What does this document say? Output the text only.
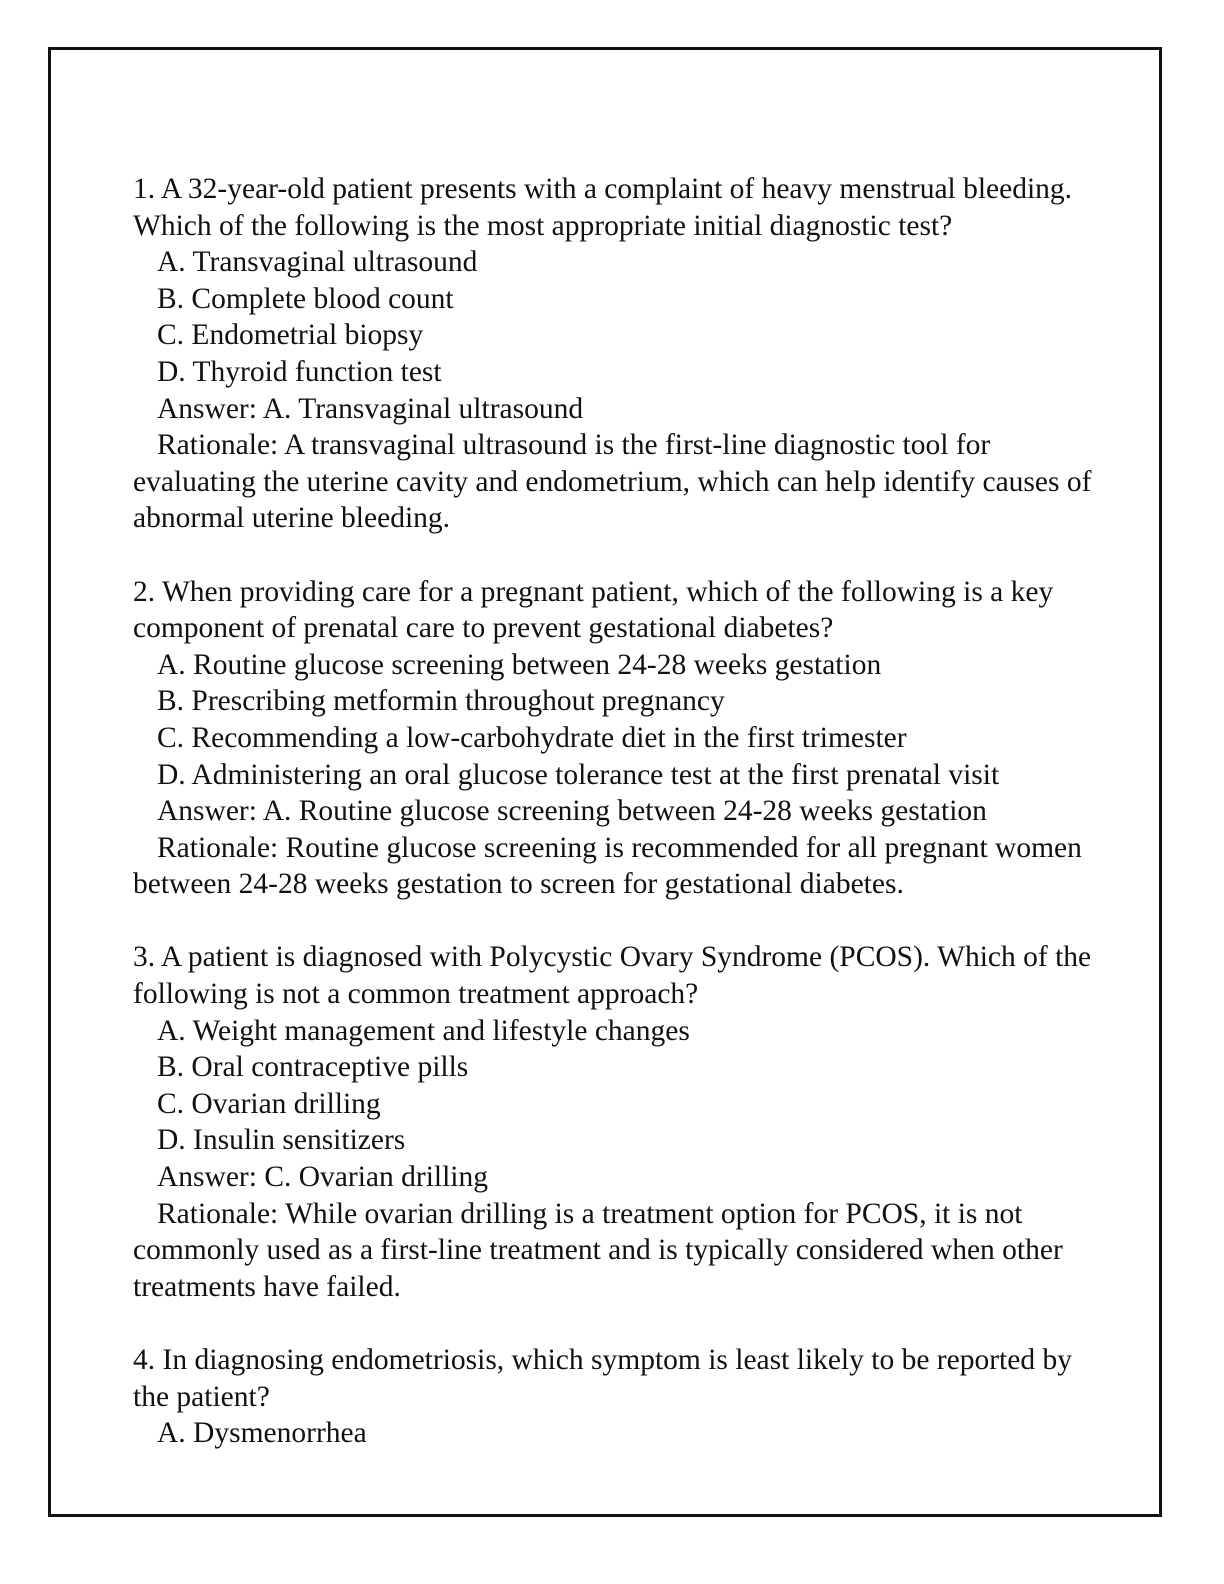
1. A 32-year-old patient presents with a complaint of heavy menstrual bleeding. Which of the following is the most appropriate initial diagnostic test?

A. Transvaginal ultrasound

B. Complete blood count

C. Endometrial biopsy

D. Thyroid function test

Answer: A. Transvaginal ultrasound

Rationale: A transvaginal ultrasound is the first-line diagnostic tool for evaluating the uterine cavity and endometrium, which can help identify causes of abnormal uterine bleeding.

2. When providing care for a pregnant patient, which of the following is a key component of prenatal care to prevent gestational diabetes?

A. Routine glucose screening between 24-28 weeks gestation

B. Prescribing metformin throughout pregnancy

C. Recommending a low-carbohydrate diet in the first trimester

D. Administering an oral glucose tolerance test at the first prenatal visit

Answer: A. Routine glucose screening between 24-28 weeks gestation

Rationale: Routine glucose screening is recommended for all pregnant women between 24-28 weeks gestation to screen for gestational diabetes.

3. A patient is diagnosed with Polycystic Ovary Syndrome (PCOS). Which of the following is not a common treatment approach?

A. Weight management and lifestyle changes

B. Oral contraceptive pills

C. Ovarian drilling

D. Insulin sensitizers

Answer: C. Ovarian drilling

Rationale: While ovarian drilling is a treatment option for PCOS, it is not commonly used as a first-line treatment and is typically considered when other treatments have failed.

4. In diagnosing endometriosis, which symptom is least likely to be reported by the patient?

A. Dysmenorrhea
